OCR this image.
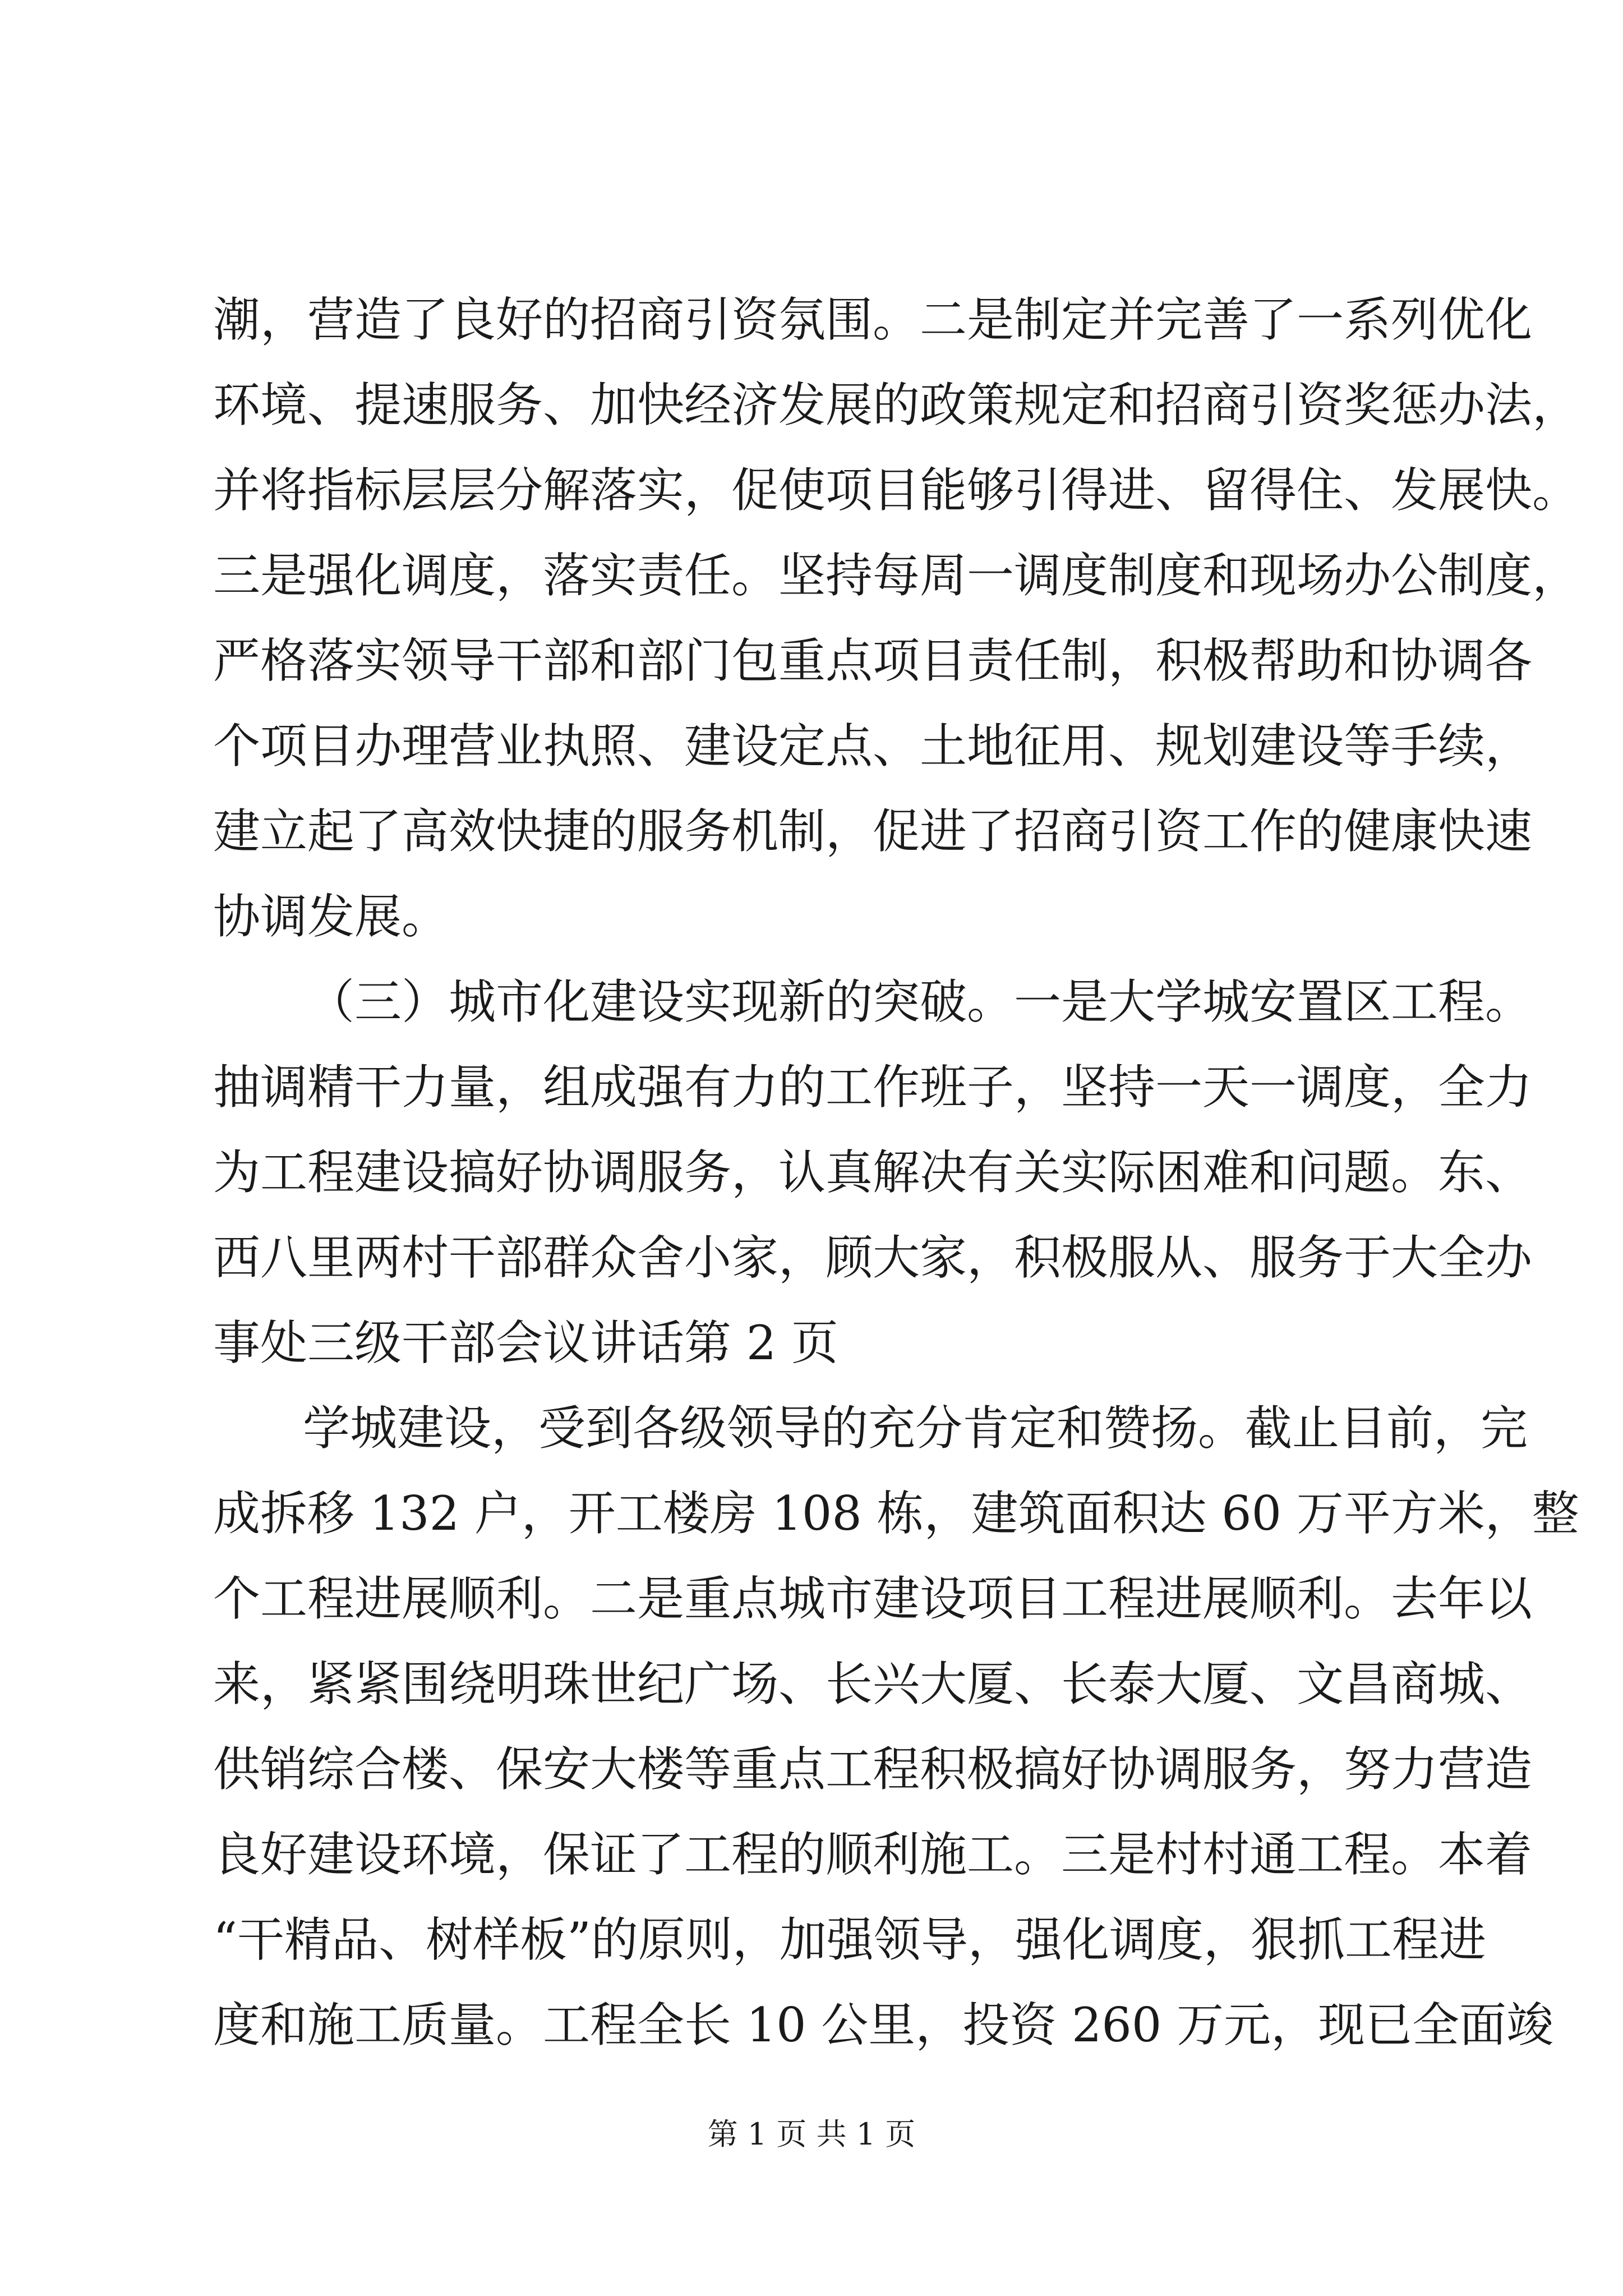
潮，营造了良好的招商引资氛围。二是制定并完善了一系列优化
环境、提速服务、加快经济发展的政策规定和招商引资奖惩办法，
并将指标层层分解落实，促使项目能够引得进、留得住、发展快。
三是强化调度，落实责任。坚持每周一调度制度和现场办公制度，
严格落实领导干部和部门包重点项目责任制，积极帮助和协调各
个项目办理营业执照、建设定点、土地征用、规划建设等手续，
建立起了高效快捷的服务机制，促进了招商引资工作的健康快速
协调发展。
（三）城市化建设实现新的突破。一是大学城安置区工程。
抽调精干力量，组成强有力的工作班子，坚持一天一调度，全力
为工程建设搞好协调服务，认真解决有关实际困难和问题。东、
西八里两村干部群众舍小家，顾大家，积极服从、服务于大全办
事处三级干部会议讲话第 2 页
学城建设，受到各级领导的充分肯定和赞扬。截止目前，完
成拆移 132 户，开工楼房 108 栋，建筑面积达 60 万平方米，整
个工程进展顺利。二是重点城市建设项目工程进展顺利。去年以
来，紧紧围绕明珠世纪广场、长兴大厦、长泰大厦、文昌商城、
供销综合楼、保安大楼等重点工程积极搞好协调服务，努力营造
良好建设环境，保证了工程的顺利施工。三是村村通工程。本着
“干精品、树样板”的原则，加强领导，强化调度，狠抓工程进
度和施工质量。工程全长 10 公里，投资 260 万元，现已全面竣
第 1 页 共 1 页
